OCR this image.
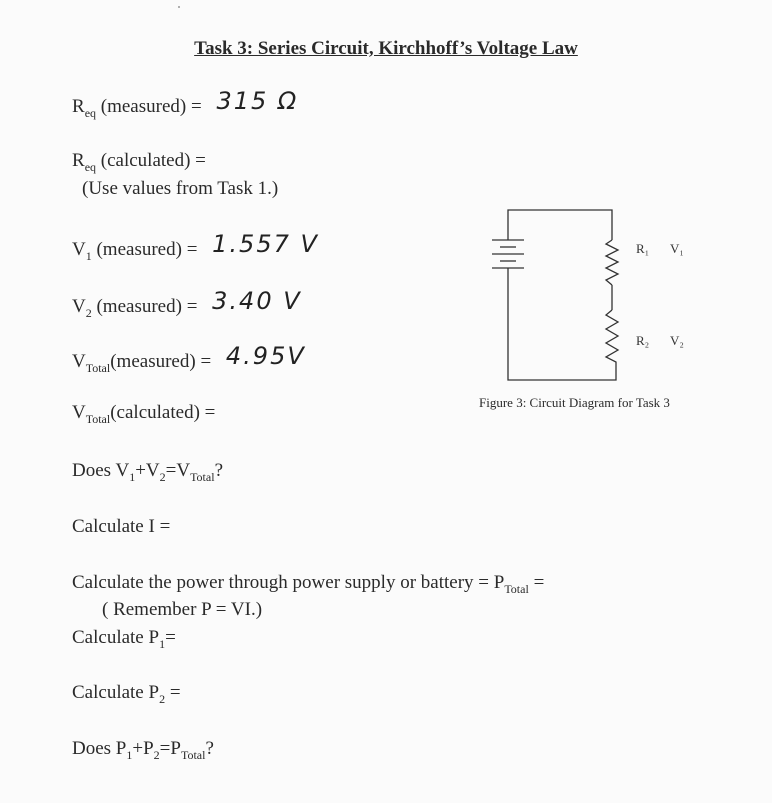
Task 3: Series Circuit, Kirchhoff’s Voltage Law
$R_{eq}$ (measured) = 315 Ω
$R_{eq}$ (calculated) =
(Use values from Task 1.)
$V_1$ (measured) = 1.557 V
$V_2$ (measured) = 3.40 V
$V_{Total}(measured) = 4.95V$
$V_{Total}(calculated)$ =
Does $V_1+V_2=V_{Total}$?
Calculate I =
Calculate the power through power supply or battery = $P_{Total}$ =
( Remember P = VI.)
Calculate $P_1=$
Calculate $P_2$ =
Does $P_1+P_2=P_{Total}$?
R₁ V₁
R₂ V₂
Figure 3: Circuit Diagram for Task 3
